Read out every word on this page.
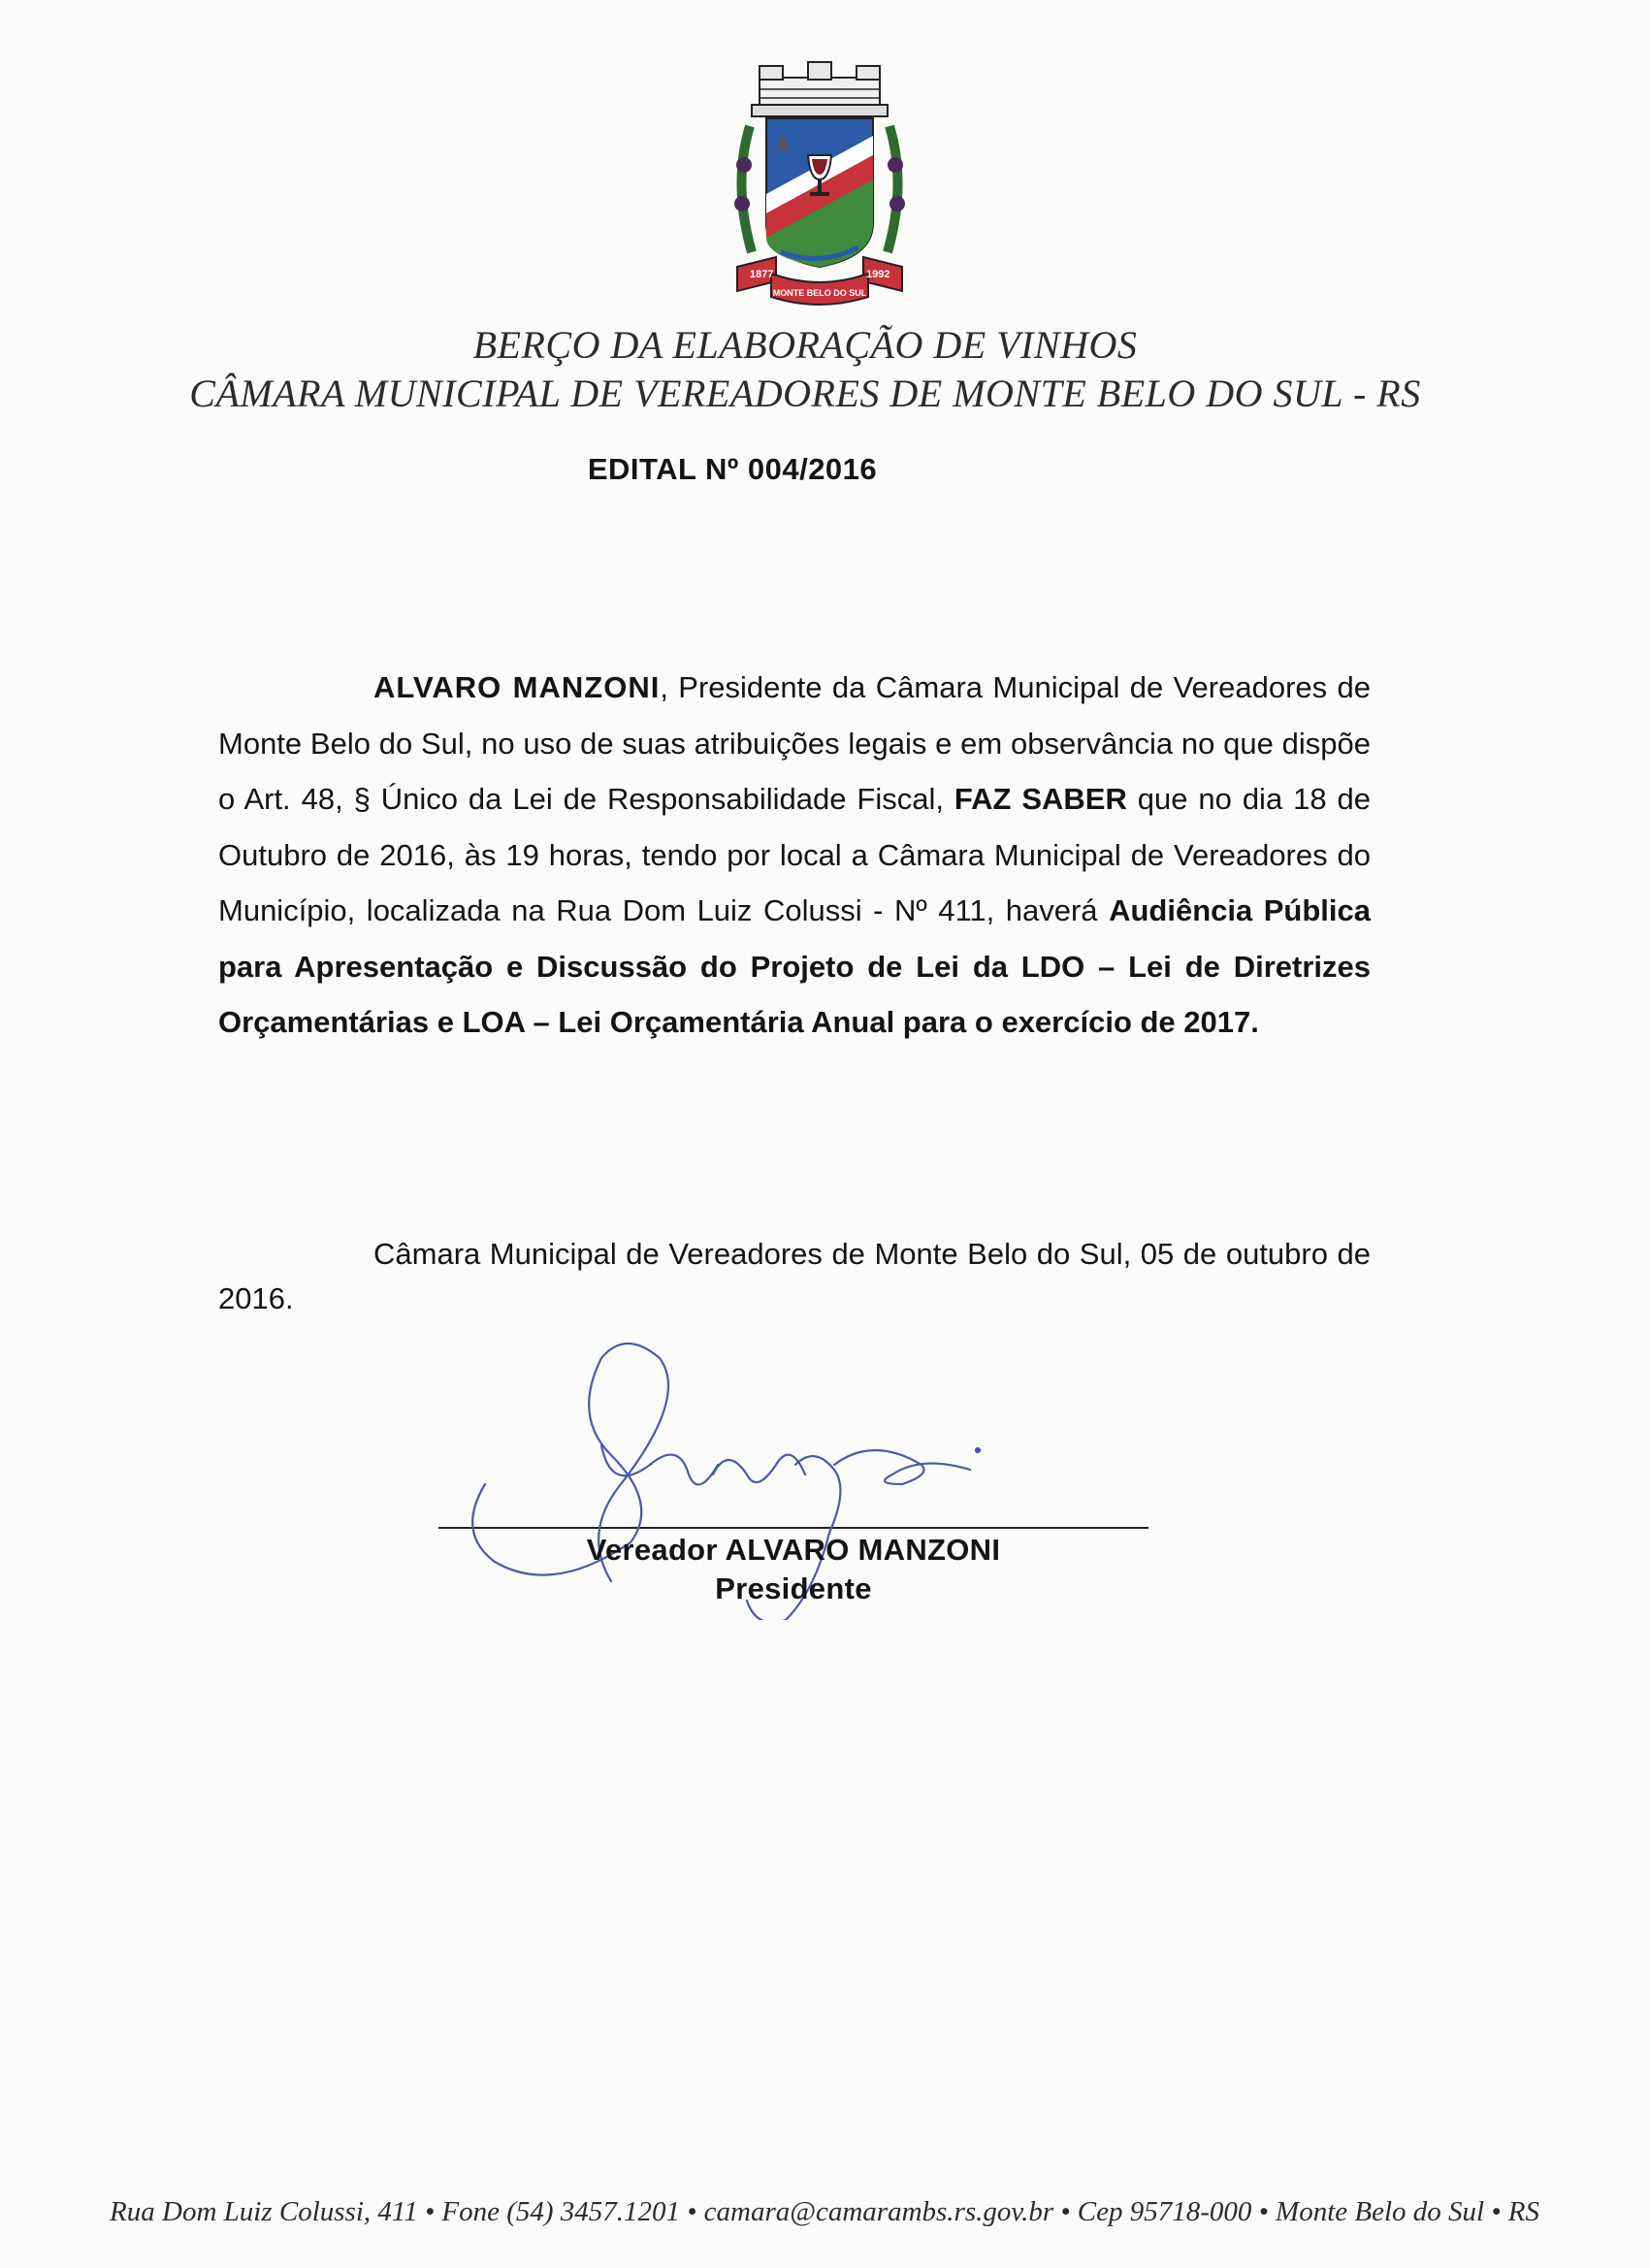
1877	1992
MONTE BELO DO SUL
BERÇO DA ELABORAÇÃO DE VINHOS
CÂMARA MUNICIPAL DE VEREADORES DE MONTE BELO DO SUL - RS
EDITAL Nº 004/2016
ALVARO MANZONI, Presidente da Câmara Municipal de Vereadores de Monte Belo do Sul, no uso de suas atribuições legais e em observância no que dispõe o Art. 48, § Único da Lei de Responsabilidade Fiscal, FAZ SABER que no dia 18 de Outubro de 2016, às 19 horas, tendo por local a Câmara Municipal de Vereadores do Município, localizada na Rua Dom Luiz Colussi - Nº 411, haverá Audiência Pública para Apresentação e Discussão do Projeto de Lei da LDO – Lei de Diretrizes Orçamentárias e LOA – Lei Orçamentária Anual para o exercício de 2017.
Câmara Municipal de Vereadores de Monte Belo do Sul, 05 de outubro de 2016.
Vereador ALVARO MANZONI
Presidente
Rua Dom Luiz Colussi, 411 • Fone (54) 3457.1201 • camara@camarambs.rs.gov.br • Cep 95718-000 • Monte Belo do Sul • RS
